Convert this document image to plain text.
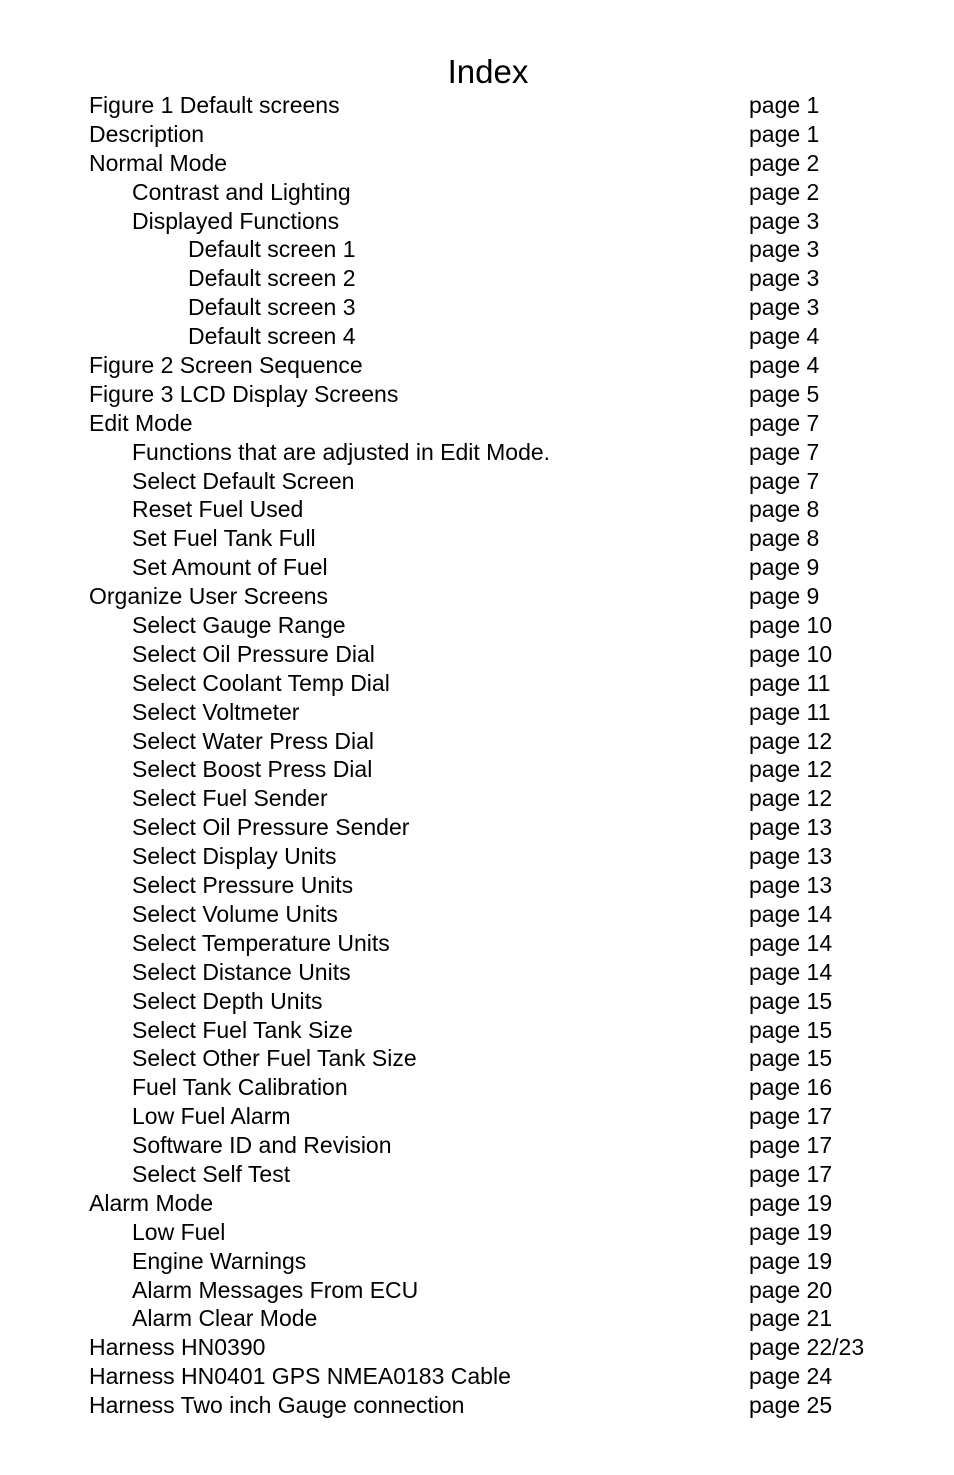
Index
Figure 1 Default screens	page 1
Description	page 1
Normal Mode	page 2
Contrast and Lighting	page 2
Displayed Functions	page 3
Default screen 1	page 3
Default screen 2	page 3
Default screen 3	page 3
Default screen 4	page 4
Figure 2 Screen Sequence	page 4
Figure 3 LCD Display Screens	page 5
Edit Mode	page 7
Functions that are adjusted in Edit Mode.	page 7
Select Default Screen	page 7
Reset Fuel Used	page 8
Set Fuel Tank Full	page 8
Set Amount of Fuel	page 9
Organize User Screens	page 9
Select Gauge Range	page 10
Select Oil Pressure Dial	page 10
Select Coolant Temp Dial	page 11
Select Voltmeter	page 11
Select Water Press Dial	page 12
Select Boost Press Dial	page 12
Select Fuel Sender	page 12
Select Oil Pressure Sender	page 13
Select Display Units	page 13
Select Pressure Units	page 13
Select Volume Units	page 14
Select Temperature Units	page 14
Select Distance Units	page 14
Select Depth Units	page 15
Select Fuel Tank Size	page 15
Select Other Fuel Tank Size	page 15
Fuel Tank Calibration	page 16
Low Fuel Alarm	page 17
Software ID and Revision	page 17
Select Self Test	page 17
Alarm Mode	page 19
Low Fuel	page 19
Engine Warnings	page 19
Alarm Messages From ECU	page 20
Alarm Clear Mode	page 21
Harness HN0390	page 22/23
Harness HN0401 GPS NMEA0183 Cable	page 24
Harness Two inch Gauge connection	page 25
